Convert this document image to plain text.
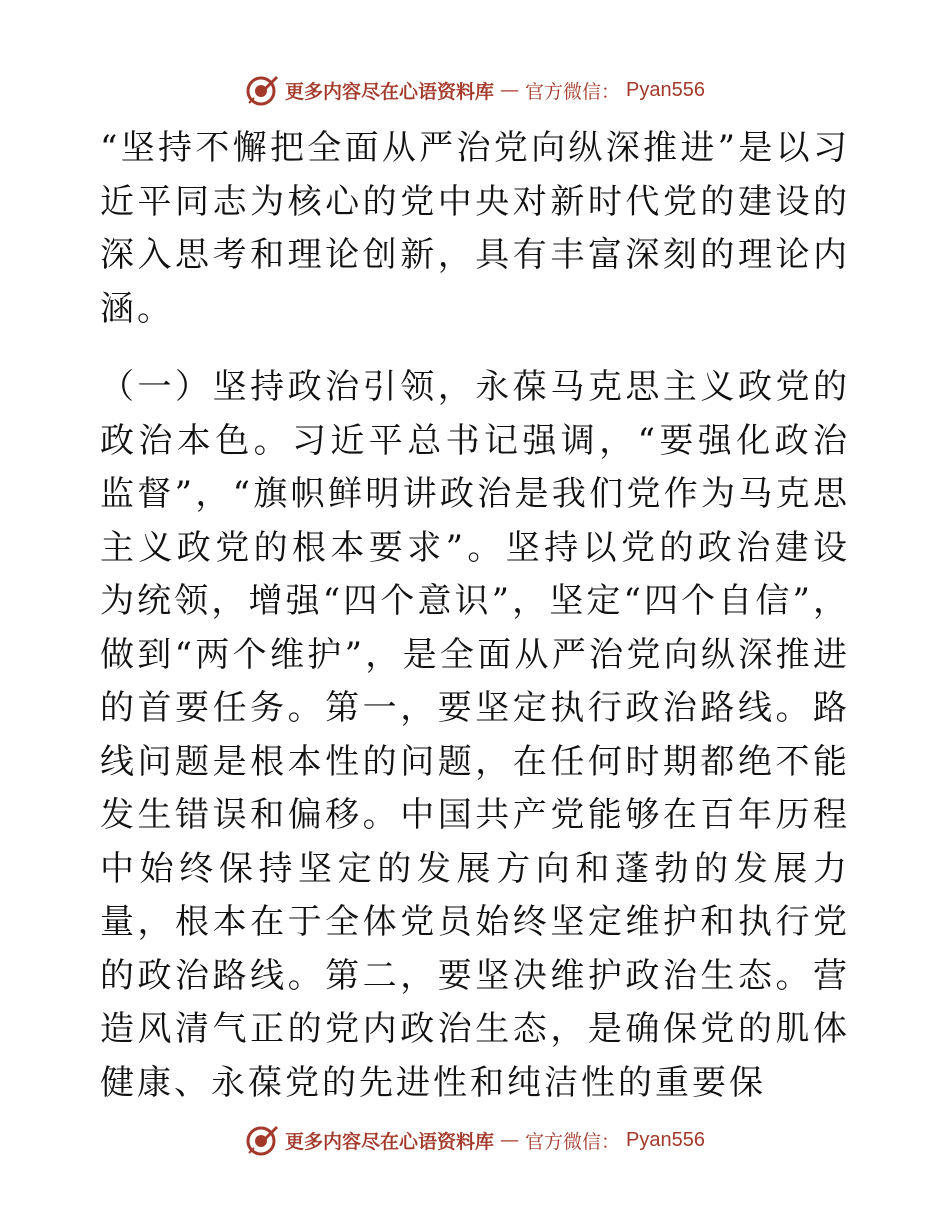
更多内容尽在心语资料库 — 官方微信： Pyan556

“坚持不懈把全面从严治党向纵深推进”是以习近平同志为核心的党中央对新时代党的建设的深入思考和理论创新，具有丰富深刻的理论内涵。

（一）坚持政治引领，永葆马克思主义政党的政治本色。习近平总书记强调，“要强化政治监督”，“旗帜鲜明讲政治是我们党作为马克思主义政党的根本要求”。坚持以党的政治建设为统领，增强“四个意识”，坚定“四个自信”，做到“两个维护”，是全面从严治党向纵深推进的首要任务。第一，要坚定执行政治路线。路线问题是根本性的问题，在任何时期都绝不能发生错误和偏移。中国共产党能够在百年历程中始终保持坚定的发展方向和蓬勃的发展力量，根本在于全体党员始终坚定维护和执行党的政治路线。第二，要坚决维护政治生态。营造风清气正的党内政治生态，是确保党的肌体健康、永葆党的先进性和纯洁性的重要保

更多内容尽在心语资料库 — 官方微信： Pyan556
